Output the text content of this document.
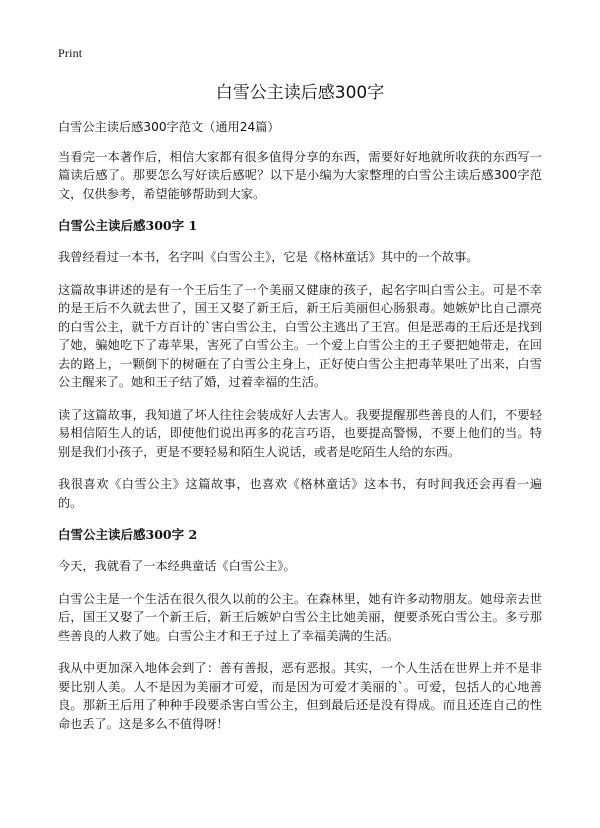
Print
白雪公主读后感300字

白雪公主读后感300字范文（通用24篇）

当看完一本著作后，相信大家都有很多值得分享的东西，需要好好地就所收获的东西写一篇读后感了。那要怎么写好读后感呢？以下是小编为大家整理的白雪公主读后感300字范文，仅供参考，希望能够帮助到大家。

白雪公主读后感300字 1

我曾经看过一本书，名字叫《白雪公主》，它是《格林童话》其中的一个故事。

这篇故事讲述的是有一个王后生了一个美丽又健康的孩子，起名字叫白雪公主。可是不幸的是王后不久就去世了，国王又娶了新王后，新王后美丽但心肠狠毒。她嫉妒比自己漂亮的白雪公主，就千方百计的`害白雪公主，白雪公主逃出了王宫。但是恶毒的王后还是找到了她，骗她吃下了毒苹果，害死了白雪公主。一个爱上白雪公主的王子要把她带走，在回去的路上，一颗倒下的树砸在了白雪公主身上，正好使白雪公主把毒苹果吐了出来，白雪公主醒来了。她和王子结了婚，过着幸福的生活。

读了这篇故事，我知道了坏人往往会装成好人去害人。我要提醒那些善良的人们，不要轻易相信陌生人的话，即使他们说出再多的花言巧语，也要提高警惕，不要上他们的当。特别是我们小孩子，更是不要轻易和陌生人说话，或者是吃陌生人给的东西。

我很喜欢《白雪公主》这篇故事，也喜欢《格林童话》这本书，有时间我还会再看一遍的。

白雪公主读后感300字 2

今天，我就看了一本经典童话《白雪公主》。

白雪公主是一个生活在很久很久以前的公主。在森林里，她有许多动物朋友。她母亲去世后，国王又娶了一个新王后，新王后嫉妒白雪公主比她美丽，便要杀死白雪公主。多亏那些善良的人救了她。白雪公主才和王子过上了幸福美满的生活。

我从中更加深入地体会到了：善有善报，恶有恶报。其实，一个人生活在世界上并不是非要比别人美。人不是因为美丽才可爱，而是因为可爱才美丽的`。可爱，包括人的心地善良。那新王后用了种种手段要杀害白雪公主，但到最后还是没有得成。而且还连自己的性命也丢了。这是多么不值得呀！
